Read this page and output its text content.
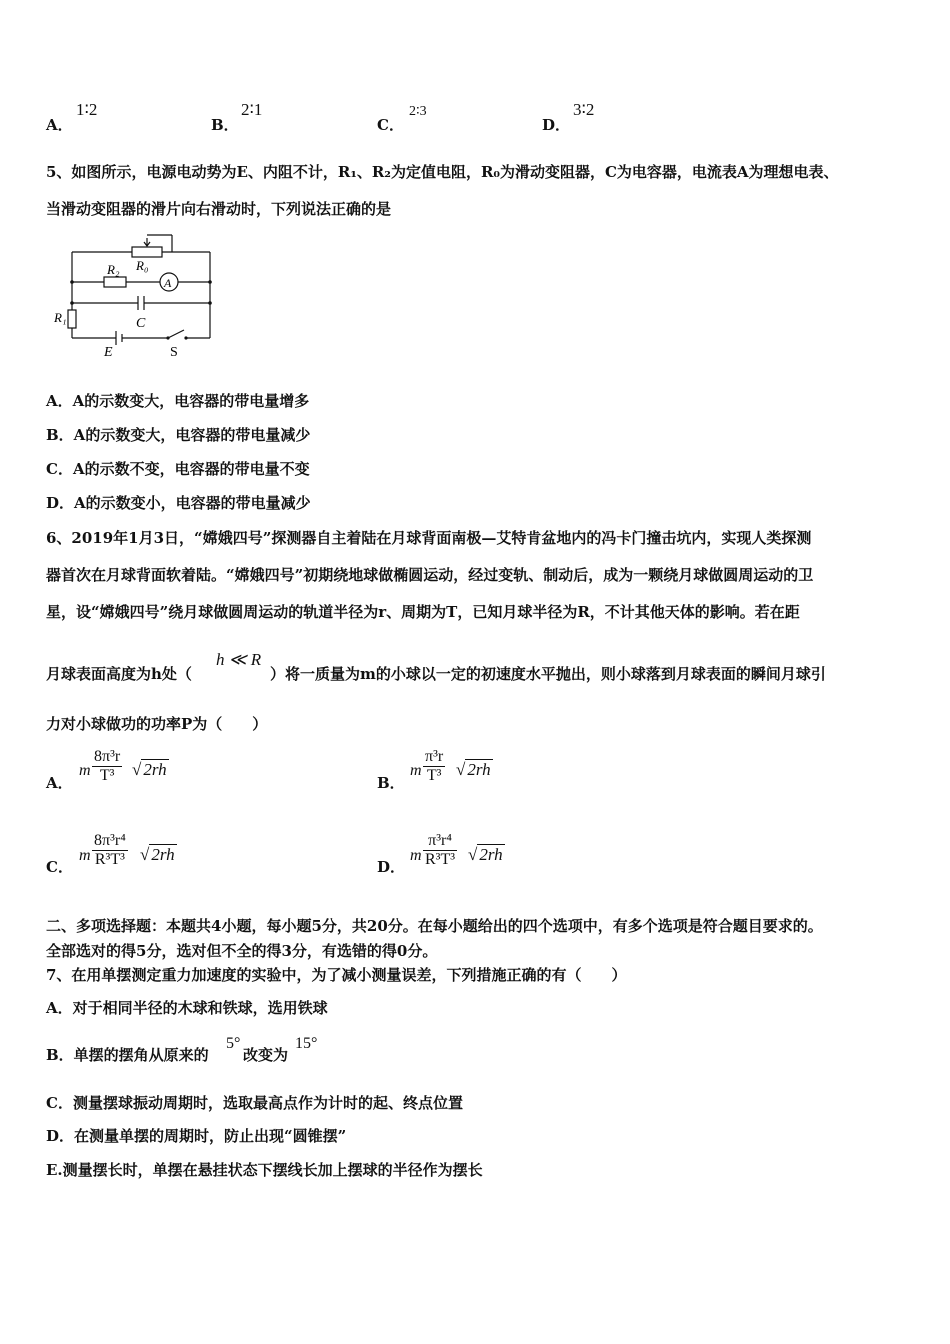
A．
1∶2
B．
2∶1
C．
2∶3
D．
3∶2
5、如图所示，电源电动势为E、内阻不计，R₁、R₂为定值电阻，R₀为滑动变阻器，C为电容器，电流表A为理想电表、
当滑动变阻器的滑片向右滑动时，下列说法正确的是
R₀
R₂
A
C
R₁
E	S
A．A的示数变大，电容器的带电量增多
B．A的示数变大，电容器的带电量减少
C．A的示数不变，电容器的带电量不变
D．A的示数变小，电容器的带电量减少
6、2019年1月3日，“嫦娥四号”探测器自主着陆在月球背面南极—艾特肯盆地内的冯卡门撞击坑内，实现人类探测
器首次在月球背面软着陆。“嫦娥四号”初期绕地球做椭圆运动，经过变轨、制动后，成为一颗绕月球做圆周运动的卫
星，设“嫦娥四号”绕月球做圆周运动的轨道半径为r、周期为T，已知月球半径为R，不计其他天体的影响。若在距
月球表面高度为h处（
h ≪ R
）将一质量为m的小球以一定的初速度水平抛出，则小球落到月球表面的瞬间月球引
力对小球做功的功率P为（　　）
A．
m $\frac{\text{8π³r}}{\text{T³}}$ √ 2rh
B．
m $\frac{\text{π³r}}{\text{T³}}$ √ 2rh
C．
m $\frac{\text{8π³r⁴}}{\text{R³T³}}$ √ 2rh
D．
m $\frac{\text{π³r⁴}}{\text{R³T³}}$ √ 2rh
二、多项选择题：本题共4小题，每小题5分，共20分。在每小题给出的四个选项中，有多个选项是符合题目要求的。
全部选对的得5分，选对但不全的得3分，有选错的得0分。
7、在用单摆测定重力加速度的实验中，为了减小测量误差，下列措施正确的有（　　）
A．对于相同半径的木球和铁球，选用铁球
B．单摆的摆角从原来的
5°
改变为
15°
C．测量摆球振动周期时，选取最高点作为计时的起、终点位置
D．在测量单摆的周期时，防止出现“圆锥摆”
E.测量摆长时，单摆在悬挂状态下摆线长加上摆球的半径作为摆长
